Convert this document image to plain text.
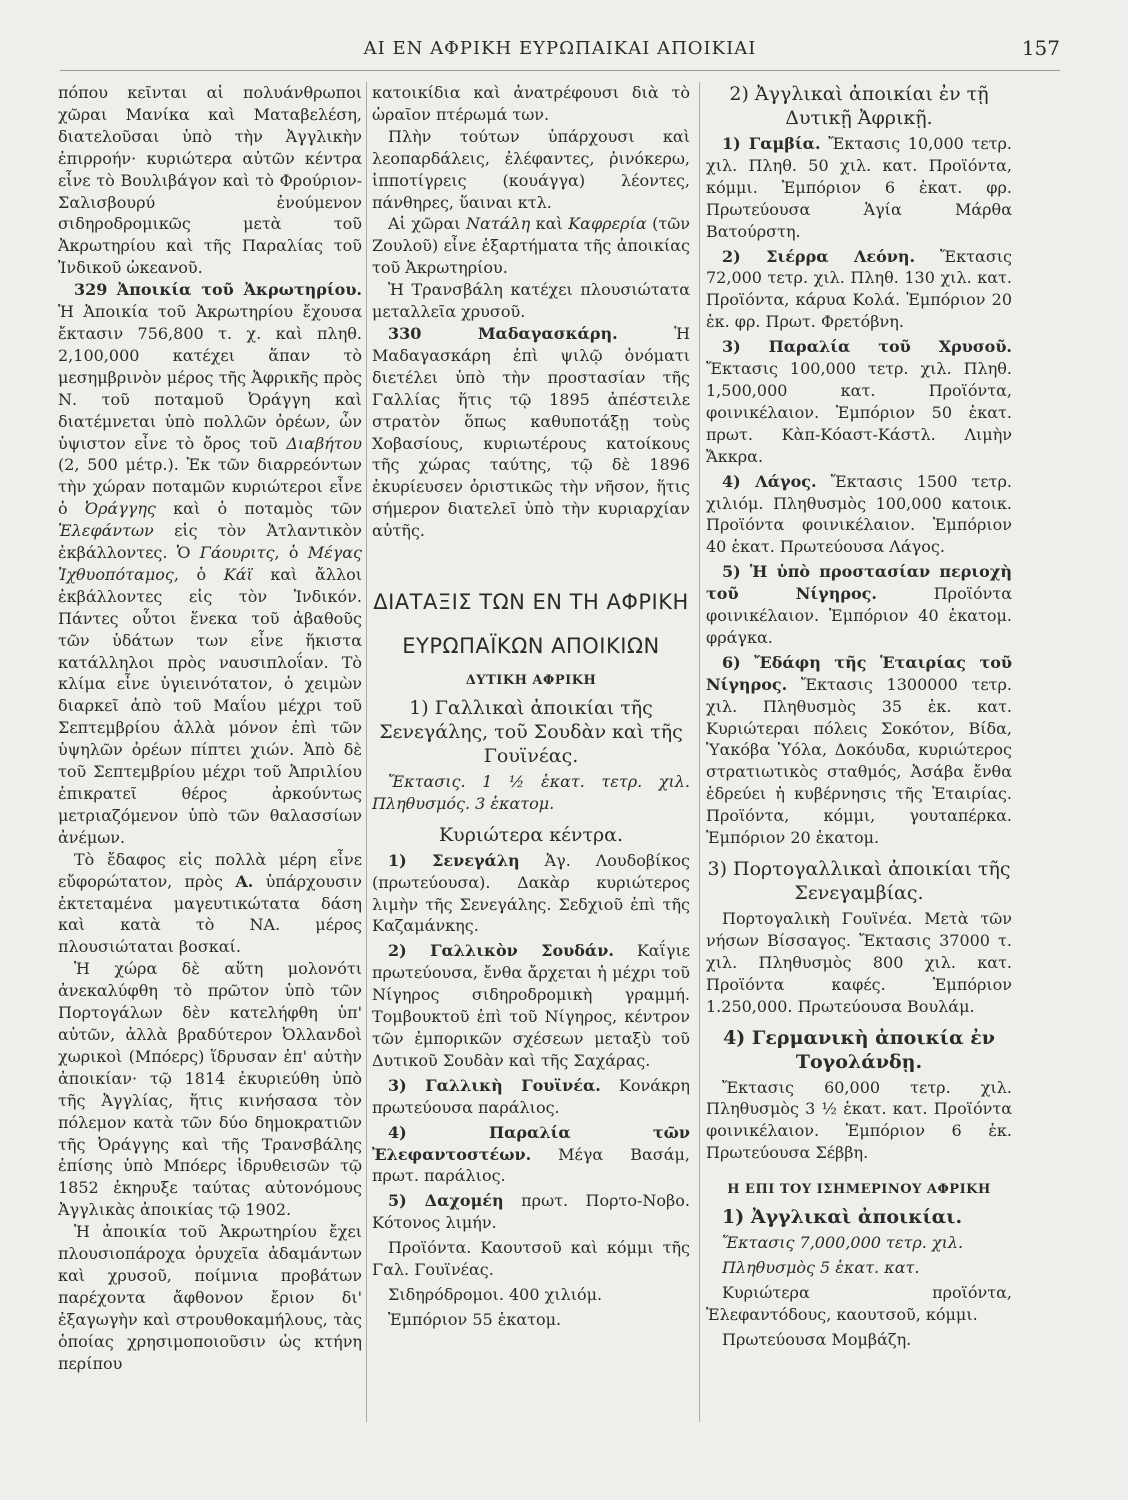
ΑΙ ΕΝ ΑΦΡΙΚΗ ΕΥΡΩΠΑΙΚΑΙ ΑΠΟΙΚΙΑΙ	157

πόπου κεῖνται αἱ πολυάνθρωποι χῶραι Μανίκα καὶ Ματαβελέση, διατελοῦσαι ὑπὸ τὴν Ἀγγλικὴν ἐπιρροήν· κυριώτερα αὐτῶν κέντρα εἶνε τὸ Βουλιβάγον καὶ τὸ Φρούριον-Σαλισβουρύ ἑνούμενον σιδηροδρομικῶς μετὰ τοῦ Ἀκρωτηρίου καὶ τῆς Παραλίας τοῦ Ἰνδικοῦ ὠκεανοῦ.

329 Ἀποικία τοῦ Ἀκρωτηρίου. Ἡ Ἀποικία τοῦ Ἀκρωτηρίου ἔχουσα ἔκτασιν 756,800 τ. χ. καὶ πληθ. 2,100,000 κατέχει ἅπαν τὸ μεσημβρινὸν μέρος τῆς Ἀφρικῆς πρὸς Ν. τοῦ ποταμοῦ Ὀράγγη καὶ διατέμνεται ὑπὸ πολλῶν ὀρέων, ὧν ὑψιστον εἶνε τὸ ὄρος τοῦ Διαβήτου (2, 500 μέτρ.). Ἐκ τῶν διαρρεόντων τὴν χώραν ποταμῶν κυριώτεροι εἶνε ὁ Ὀράγγης καὶ ὁ ποταμὸς τῶν Ἐλεφάντων εἰς τὸν Ἀτλαντικὸν ἐκβάλλοντες. Ὁ Γάουριτς, ὁ Μέγας Ἰχθυοπόταμος, ὁ Κάϊ καὶ ἄλλοι ἐκβάλλοντες εἰς τὸν Ἰνδικόν. Πάντες οὗτοι ἕνεκα τοῦ ἀβαθοῦς τῶν ὑδάτων των εἶνε ἥκιστα κατάλληλοι πρὸς ναυσιπλοΐαν. Τὸ κλίμα εἶνε ὑγιεινότατον, ὁ χειμὼν διαρκεῖ ἀπὸ τοῦ Μαΐου μέχρι τοῦ Σεπτεμβρίου ἀλλὰ μόνον ἐπὶ τῶν ὑψηλῶν ὀρέων πίπτει χιών. Ἀπὸ δὲ τοῦ Σεπτεμβρίου μέχρι τοῦ Ἀπριλίου ἐπικρατεῖ θέρος ἀρκούντως μετριαζόμενον ὑπὸ τῶν θαλασσίων ἀνέμων.

Τὸ ἔδαφος εἰς πολλὰ μέρη εἶνε εὔφορώτατον, πρὸς Α. ὑπάρχουσιν ἐκτεταμένα μαγευτικώτατα δάση καὶ κατὰ τὸ ΝΑ. μέρος πλουσιώταται βοσκαί.

Ἡ χώρα δὲ αὕτη μολονότι ἀνεκαλύφθη τὸ πρῶτον ὑπὸ τῶν Πορτογάλων δὲν κατελήφθη ὑπ' αὐτῶν, ἀλλὰ βραδύτερον Ὀλλανδοὶ χωρικοὶ (Μπόερς) ἵδρυσαν ἐπ' αὐτὴν ἀποικίαν· τῷ 1814 ἐκυριεύθη ὑπὸ τῆς Ἀγγλίας, ἥτις κινήσασα τὸν πόλεμον κατὰ τῶν δύο δημοκρατιῶν τῆς Ὀράγγης καὶ τῆς Τρανσβάλης ἐπίσης ὑπὸ Μπόερς ἱδρυθεισῶν τῷ 1852 ἐκηρυξε ταύτας αὐτονόμους Ἀγγλικὰς ἀποικίας τῷ 1902.

Ἡ ἀποικία τοῦ Ἀκρωτηρίου ἔχει πλουσιοπάροχα ὀρυχεῖα ἀδαμάντων καὶ χρυσοῦ, ποίμνια προβάτων παρέχοντα ἄφθονον ἔριον δι' ἐξαγωγὴν καὶ στρουθοκαμήλους, τὰς ὁποίας χρησιμοποιοῦσιν ὡς κτήνη περίπου

κατοικίδια καὶ ἀνατρέφουσι διὰ τὸ ὡραῖον πτέρωμά των.

Πλὴν τούτων ὑπάρχουσι καὶ λεοπαρδάλεις, ἐλέφαντες, ῥινόκερω, ἱπποτίγρεις (κουάγγα) λέοντες, πάνθηρες, ὕαιναι κτλ.

Αἱ χῶραι Νατάλη καὶ Καφρερία (τῶν Ζουλοῦ) εἶνε ἐξαρτήματα τῆς ἀποικίας τοῦ Ἀκρωτηρίου.

Ἡ Τρανσβάλη κατέχει πλουσιώτατα μεταλλεῖα χρυσοῦ.

330	Μαδαγασκάρη.	Ἡ Μαδαγασκάρη ἐπὶ ψιλῷ ὀνόματι διετέλει ὑπὸ τὴν προστασίαν τῆς Γαλλίας ἥτις τῷ 1895 ἀπέστειλε στρατὸν ὅπως καθυποτάξῃ τοὺς Χοβασίους, κυριωτέρους κατοίκους τῆς χώρας ταύτης, τῷ δὲ 1896 ἐκυρίευσεν ὁριστικῶς τὴν νῆσον, ἥτις σήμερον διατελεῖ ὑπὸ τὴν κυριαρχίαν αὐτῆς.

ΔΙΑΤΑΞΙΣ ΤΩΝ ΕΝ ΤΗ ΑΦΡΙΚΗ
ΕΥΡΩΠΑΪΚΩΝ ΑΠΟΙΚΙΩΝ
ΔΥΤΙΚΗ ΑΦΡΙΚΗ

1) Γαλλικαὶ ἀποικίαι τῆς Σενεγάλης, τοῦ Σουδὰν καὶ τῆς Γουϊνέας.

Ἔκτασις. 1 ½ ἑκατ. τετρ. χιλ. Πληθυσμός. 3 ἑκατομ.

Κυριώτερα κέντρα.

1) Σενεγάλη Ἀγ. Λουδοβίκος (πρωτεύουσα). Δακὰρ κυριώτερος λιμὴν τῆς Σενεγάλης. Σεδχιοῦ ἐπὶ τῆς Καζαμάνκης.

2) Γαλλικὸν Σουδάν. Καΐγιε πρωτεύουσα, ἔνθα ἄρχεται ἡ μέχρι τοῦ Νίγηρος σιδηροδρομικὴ γραμμή. Τομβουκτοῦ ἐπὶ τοῦ Νίγηρος, κέντρον τῶν ἐμπορικῶν σχέσεων μεταξὺ τοῦ Δυτικοῦ Σουδὰν καὶ τῆς Σαχάρας.

3) Γαλλικὴ Γουϊνέα. Κονάκρη πρωτεύουσα παράλιος.

4) Παραλία τῶν Ἐλεφαντοστέων. Μέγα Βασάμ, πρωτ. παράλιος.

5) Δαχομέη πρωτ. Πορτο-Νοβο. Κότονος λιμήν.

Προϊόντα. Καουτσοῦ καὶ κόμμι τῆς Γαλ. Γουϊνέας.

Σιδηρόδρομοι. 400 χιλιόμ.

Ἐμπόριον 55 ἑκατομ.

2) Ἀγγλικαὶ ἀποικίαι ἐν τῇ Δυτικῇ Ἀφρικῇ.

1) Γαμβία. Ἔκτασις 10,000 τετρ. χιλ. Πληθ. 50 χιλ. κατ. Προϊόντα, κόμμι. Ἐμπόριον 6 ἑκατ. φρ. Πρωτεύουσα Ἁγία Μάρθα Βατούρστη.

2) Σιέρρα Λεόνη. Ἔκτασις 72,000 τετρ. χιλ. Πληθ. 130 χιλ. κατ. Προϊόντα, κάρυα Κολά. Ἐμπόριον 20 ἑκ. φρ. Πρωτ. Φρετόβνη.

3) Παραλία τοῦ Χρυσοῦ. Ἔκτασις 100,000 τετρ. χιλ. Πληθ. 1,500,000 κατ. Προϊόντα, φοινικέλαιον. Ἐμπόριον 50 ἑκατ. πρωτ. Κὰπ-Κόαστ-Κάστλ. Λιμὴν Ἄκκρα.

4) Λάγος. Ἔκτασις 1500 τετρ. χιλιόμ. Πληθυσμὸς 100,000 κατοικ. Προϊόντα φοινικέλαιον. Ἐμπόριον 40 ἑκατ. Πρωτεύουσα Λάγος.

5) Ἡ ὑπὸ προστασίαν περιοχὴ τοῦ Νίγηρος.	Προϊόντα φοινικέλαιον. Ἐμπόριον 40 ἑκατομ. φράγκα.

6) Ἔδάφη τῆς Ἑταιρίας τοῦ Νίγηρος. Ἔκτασις 1300000 τετρ. χιλ. Πληθυσμὸς 35 ἑκ. κατ. Κυριώτεραι πόλεις Σοκότον, Βίδα, Ὑακόβα Ὑόλα, Δοκόυδα, κυριώτερος στρατιωτικὸς σταθμός, Ἀσάβα ἔνθα ἑδρεύει ἡ κυβέρνησις τῆς Ἑταιρίας. Προϊόντα, κόμμι, γουταπέρκα. Ἐμπόριον 20 ἑκατομ.

3) Πορτογαλλικαὶ ἀποικίαι τῆς Σενεγαμβίας.

Πορτογαλικὴ Γουϊνέα. Μετὰ τῶν νήσων Βίσσαγος. Ἔκτασις 37000 τ. χιλ. Πληθυσμὸς 800 χιλ. κατ. Προϊόντα καφές. Ἐμπόριον 1.250,000. Πρωτεύουσα Βουλάμ.

4) Γερμανικὴ ἀποικία ἐν Τογολάνδῃ.

Ἔκτασις 60,000 τετρ. χιλ. Πληθυσμὸς 3 ½ ἑκατ. κατ. Προϊόντα φοινικέλαιον. Ἐμπόριον 6 ἑκ. Πρωτεύουσα Σέββη.

Η ΕΠΙ ΤΟΥ ΙΣΗΜΕΡΙΝΟΥ ΑΦΡΙΚΗ

1) Ἀγγλικαὶ ἀποικίαι.

Ἔκτασις 7,000,000 τετρ. χιλ.

Πληθυσμὸς 5 ἑκατ. κατ.

Κυριώτερα προϊόντα, Ἐλεφαντόδους, καουτσοῦ, κόμμι.

Πρωτεύουσα Μομβάζη.
